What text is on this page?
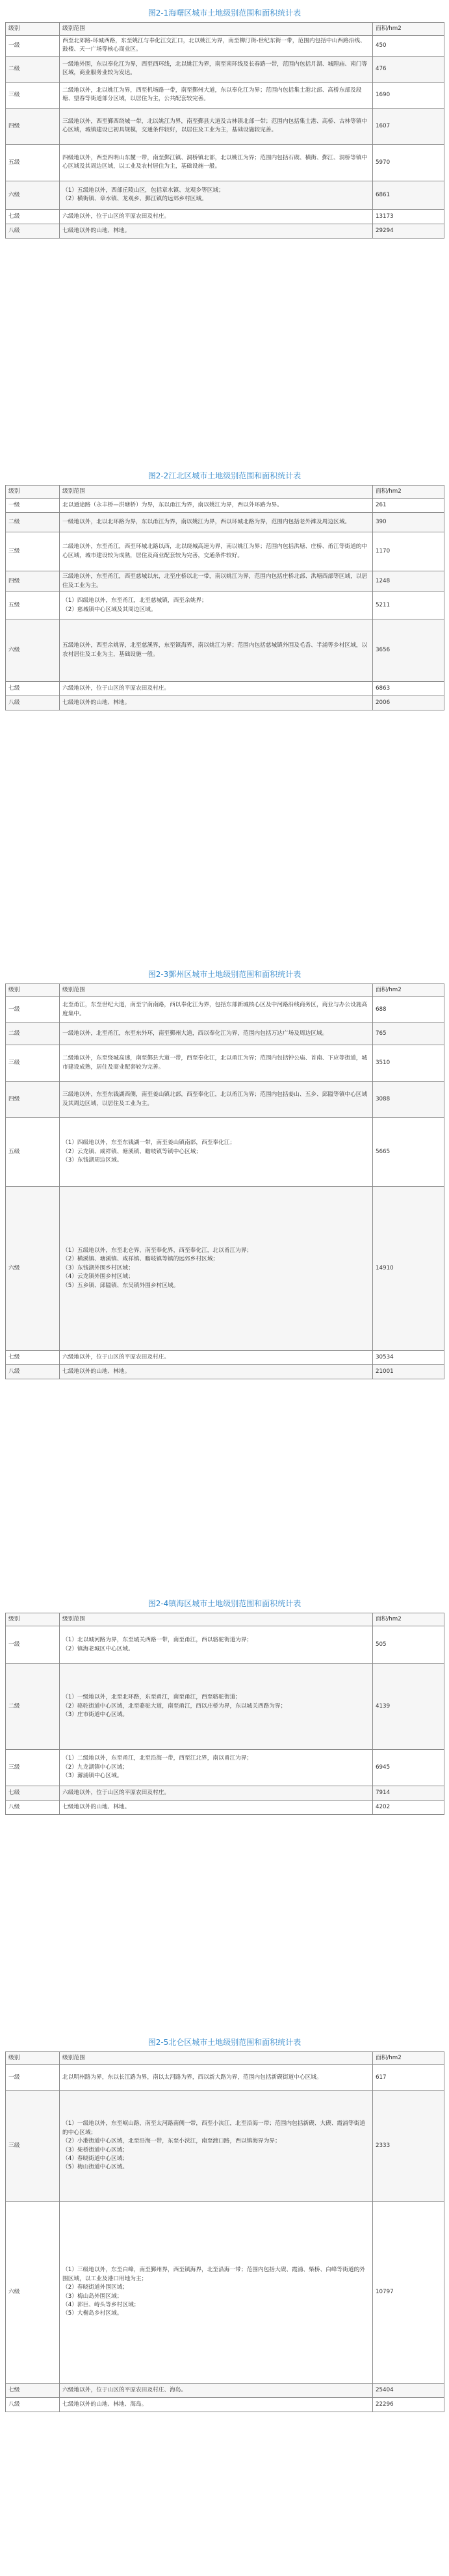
图2-1海曙区城市土地级别范围和面积统计表
级别	级别范围	面积/hm2
一级	西至北郊路-环城西路，东至姚江与奉化江交汇口，北以姚江为界，南至柳汀街-世纪东街一带，范围内包括中山西路沿线、鼓楼、天一广场等核心商业区。	450
二级	一级地外围，东以奉化江为界，西至西环线，北以姚江为界，南至南环线及长春路一带，范围内包括月湖、城隍庙、南门等区域，商业服务业较为发达。	476
三级	二级地以外，北以姚江为界，西至机场路一带，南至鄞州大道，东以奉化江为界；范围内包括集士港北部、高桥东部及段塘、望春等街道部分区域，以居住为主，公共配套较完善。	1690
四级	三级地以外，西至鄞西绕城一带，北以姚江为界，南至鄞县大道及古林镇北部一带；范围内包括集士港、高桥、古林等镇中心区域，城镇建设已初具规模，交通条件较好，以居住及工业为主，基础设施较完善。	1607
五级	四级地以外，西至四明山东麓一带，南至鄞江镇、洞桥镇北部，北以姚江为界；范围内包括石碶、横街、鄞江、洞桥等镇中心区域及其周边区域，以工业及农村居住为主，基础设施一般。	5970
六级	（1）五级地以外，西部丘陵山区，包括章水镇、龙观乡等区域；
（2）横街镇、章水镇、龙观乡、鄞江镇的远郊乡村区域。	6861
七级	六级地以外，位于山区的平原农田及村庄。	13173
八级	七级地以外的山地、林地。	29294
图2-2江北区城市土地级别范围和面积统计表
级别	级别范围	面积/hm2
一级	北以通途路（永丰桥—洪塘桥）为界，东以甬江为界，南以姚江为界，西以外环路为界。	261
二级	一级地以外，北以北环路为界，东以甬江为界，南以姚江为界，西以环城北路为界，范围内包括老外滩及周边区域。	390
三级	二级地以外，东至甬江，西至环城北路以西，北以绕城高速为界，南以姚江为界；范围内包括洪塘、庄桥、甬江等街道的中心区域，城市建设较为成熟，居住及商业配套较为完善，交通条件较好。	1170
四级	三级地以外，东至甬江，西至慈城以东，北至庄桥以北一带，南以姚江为界，范围内包括庄桥北部、洪塘西部等区域，以居住及工业为主。	1248
五级	（1）四级地以外，东至甬江，北至慈城镇，西至余姚界；
（2）慈城镇中心区域及其周边区域。	5211
六级	五级地以外，西至余姚界，北至慈溪界，东至镇海界，南以姚江为界；范围内包括慈城镇外围及毛岙、半浦等乡村区域，以农村居住及工业为主，基础设施一般。	3656
七级	六级地以外，位于山区的平原农田及村庄。	6863
八级	七级地以外的山地、林地。	2006
图2-3鄞州区城市土地级别范围和面积统计表
级别	级别范围	面积/hm2
一级	北至甬江，东至世纪大道，南至宁南南路，西以奉化江为界，包括东部新城核心区及中河路沿线商务区，商业与办公设施高度集中。	688
二级	一级地以外，北至甬江，东至东外环，南至鄞州大道，西以奉化江为界，范围内包括万达广场及周边区域。	765
三级	二级地以外，东至绕城高速，南至鄞县大道一带，西至奉化江，北以甬江为界；范围内包括钟公庙、首南、下应等街道，城市建设成熟，居住及商业配套较为完善。	3510
四级	三级地以外，东至东钱湖西侧，南至姜山镇北部，西至奉化江，北以甬江为界；范围内包括姜山、五乡、邱隘等镇中心区域及其周边区域，以居住及工业为主。	3088
五级	（1）四级地以外，东至东钱湖一带，南至姜山镇南部，西至奉化江；
（2）云龙镇、咸祥镇、塘溪镇、瞻岐镇等镇中心区域；
（3）东钱湖周边区域。	5665
六级	（1）五级地以外，东至北仑界，南至奉化界，西至奉化江，北以甬江为界；
（2）横溪镇、塘溪镇、咸祥镇、瞻岐镇等镇的远郊乡村区域；
（3）东钱湖外围乡村区域；
（4）云龙镇外围乡村区域；
（5）五乡镇、邱隘镇、东吴镇外围乡村区域。	14910
七级	六级地以外，位于山区的平原农田及村庄。	30534
八级	七级地以外的山地、林地。	21001
图2-4镇海区城市土地级别范围和面积统计表
级别	级别范围	面积/hm2
一级	（1）北以城河路为界，东至城关西路一带，南至甬江，西以骆驼街道为界；
（2）镇海老城区中心区域。	505
二级	（1）一级地以外，北至北环路，东至甬江，南至甬江，西至骆驼街道；
（2）骆驼街道中心区域，北至骆驼大道，南至甬江，西以庄桥为界，东以城关西路为界；
（3）庄市街道中心区域。	4139
三级	（1）二级地以外，东至甬江，北至沿海一带，西至江北界，南以甬江为界；
（2）九龙湖镇中心区域；
（3）澥浦镇中心区域。	6945
七级	六级地以外，位于山区的平原农田及村庄。	7914
八级	七级地以外的山地、林地。	4202
图2-5北仑区城市土地级别范围和面积统计表
级别	级别范围	面积/hm2
一级	北以明州路为界，东以长江路为界，南以太河路为界，西以新大路为界，范围内包括新碶街道中心区域。	617
三级	（1）一级地以外，东至岷山路，南至太河路南侧一带，西至小浃江，北至沿海一带；范围内包括新碶、大碶、霞浦等街道的中心区域；
（2）小港街道中心区域，北至沿海一带，东至小浃江，南至渡口路，西以镇海界为界；
（3）柴桥街道中心区域；
（4）春晓街道中心区域；
（5）梅山街道中心区域。	2333
六级	（1）三级地以外，东至白峰，南至鄞州界，西至镇海界，北至沿海一带；范围内包括大碶、霞浦、柴桥、白峰等街道的外围区域，以工业及港口用地为主；
（2）春晓街道外围区域；
（3）梅山岛外围区域；
（4）郭巨、峙头等乡村区域；
（5）大榭岛乡村区域。	10797
七级	六级地以外，位于山区的平原农田及村庄、海岛。	25404
八级	七级地以外的山地、林地、海岛。	22296
